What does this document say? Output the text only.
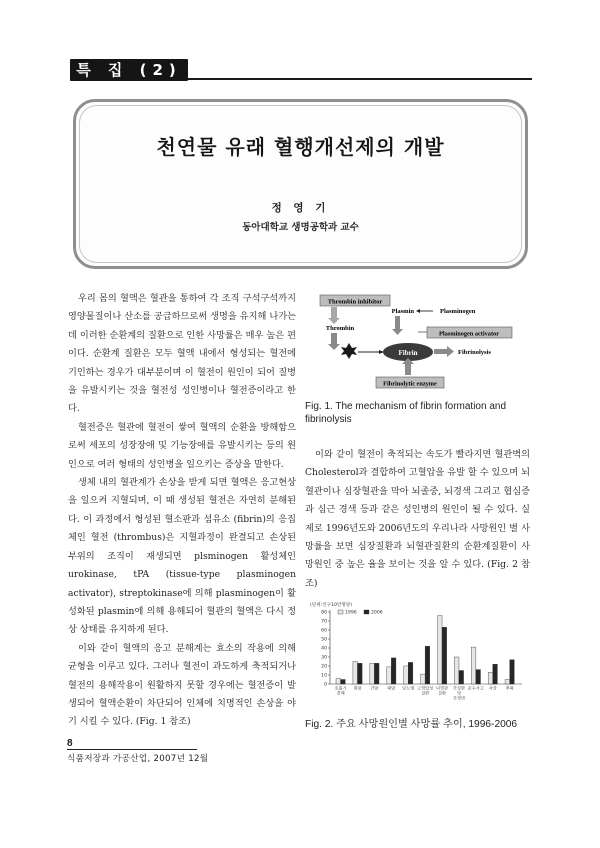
특 집 (2)
천연물 유래 혈행개선제의 개발
정 영 기
동아대학교 생명공학과 교수

우리 몸의 혈액은 혈관을 통하여 각 조직 구석구석까지 영양물질이나 산소를 공급하므로써 생명을 유지해 나가는데 이러한 순환계의 질환으로 인한 사망률은 매우 높은 편이다. 순환계 질환은 모두 혈액 내에서 형성되는 혈전에 기인하는 경우가 대부분이며 이 혈전이 원인이 되어 질병을 유발시키는 것을 혈전성 성인병이나 혈전증이라고 한다.

혈전증은 혈관에 혈전이 쌓여 혈액의 순환을 방해함으로써 세포의 성장장애 및 기능장애를 유발시키는 등의 원인으로 여러 형태의 성인병을 일으키는 증상을 말한다.

생체 내의 혈관계가 손상을 받게 되면 혈액은 응고현상을 일으켜 지혈되며, 이 때 생성된 혈전은 자연히 분해된다. 이 과정에서 형성된 혈소판과 섬유소 (fibrin)의 응집체인 혈전 (thrombus)은 지혈과정이 완결되고 손상된 부위의 조직이 재생되면 plsminogen 활성체인 urokinase, tPA (tissue-type plasminogen activator), streptokinase에 의해 plasminogen이 활성화된 plasmin에 의해 용해되어 혈관의 혈액은 다시 정상 상태를 유지하게 된다.

이와 같이 혈액의 응고 분해계는 효소의 작용에 의해 균형을 이루고 있다. 그러나 혈전이 과도하게 축적되거나 혈전의 용해작용이 원활하지 못할 경우에는 혈전증이 발생되어 혈액순환이 차단되어 인체에 치명적인 손상을 야기 시킬 수 있다. (Fig. 1 참조)

Thrombin inhibitor
Thrombin
Plasmin	Plasminogen
Plasminogen activator
Fibrin	Fibrinolysis
Fibrinolytic enzyme
Fig. 1. The mechanism of fibrin formation and fibrinolysis

이와 같이 혈전이 축적되는 속도가 빨라지면 혈관벽의 Cholesterol과 결합하여 고혈압을 유발 할 수 있으며 뇌혈관이나 심장혈관을 막아 뇌졸중, 뇌경색 그리고 협심증과 심근 경색 등과 같은 성인병의 원인이 될 수 있다. 실제로 1996년도와 2006년도의 우리나라 사망원인 별 사망률을 보면 심장질환과 뇌혈관질환의 순환계질환이 사망원인 중 높은 율을 보이는 것을 알 수 있다. (Fig. 2 참조)

(단위:인구10만명당)
0
10
20
30
40
50
60
70
80	1996	2006
호흡기
결핵
위암 간암 폐암 당뇨병 고혈압성
질환
뇌혈관
질환
간질환
및
간경변
운수사고 자살 추락
Fig. 2. 주요 사망원인별 사망률 추이, 1996-2006
8
식품저장과 가공산업, 2007년 12월
